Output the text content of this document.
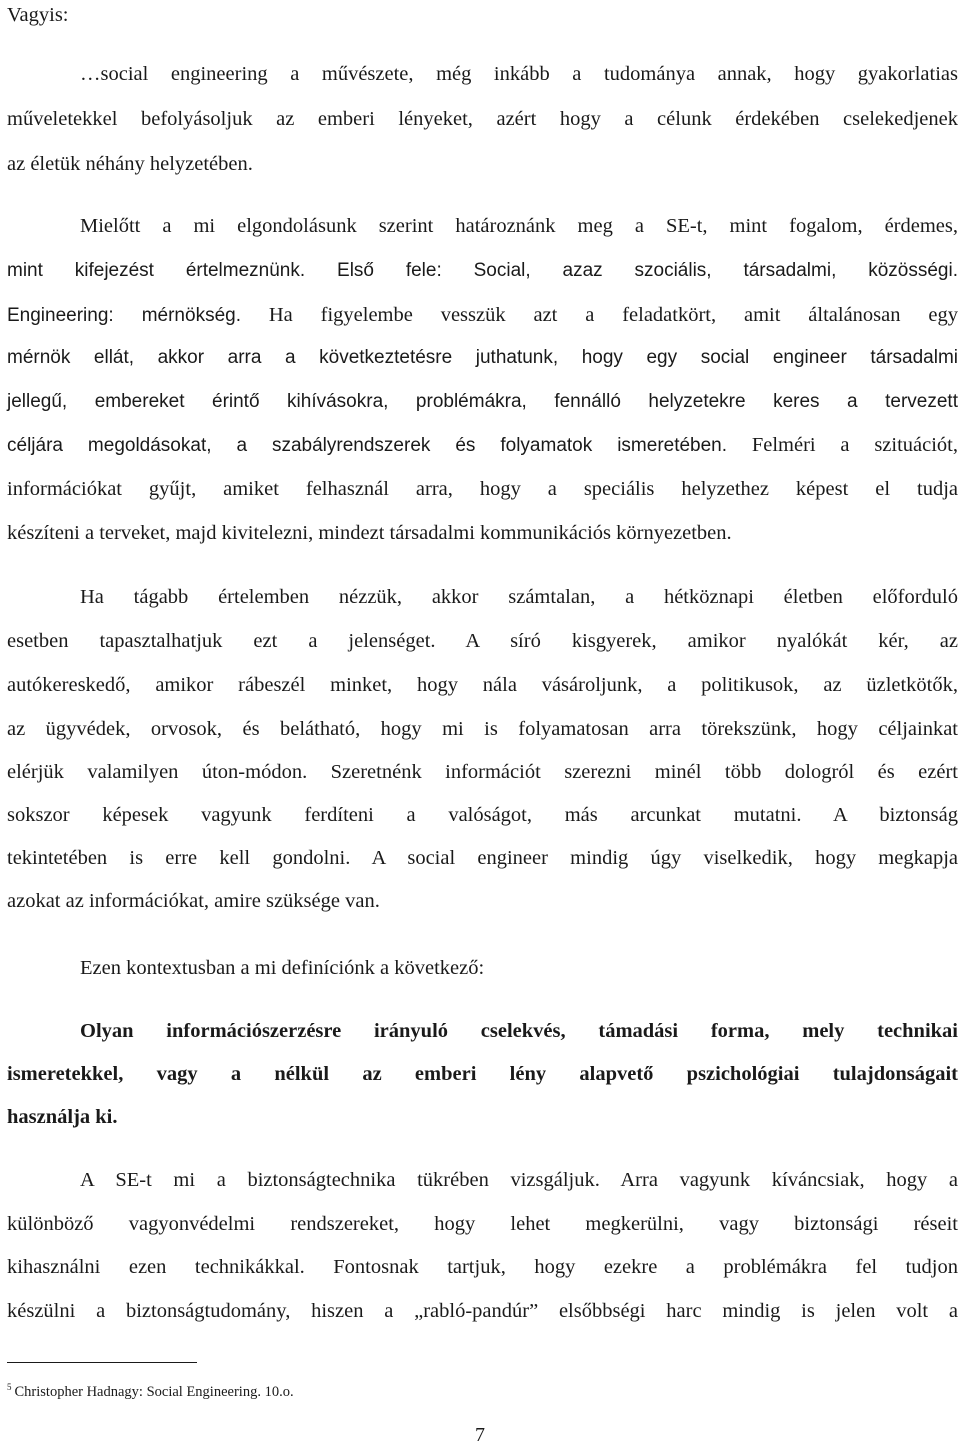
Vagyis:
…social engineering a művészete, még inkább a tudománya annak, hogy gyakorlatias
műveletekkel befolyásoljuk az emberi lényeket, azért hogy a célunk érdekében cselekedjenek
az életük néhány helyzetében.
Mielőtt a mi elgondolásunk szerint határoznánk meg a SE-t, mint fogalom, érdemes,
mint kifejezést értelmeznünk. Első fele: Social, azaz szociális, társadalmi, közösségi.
Engineering: mérnökség. Ha figyelembe vesszük azt a feladatkört, amit általánosan egy
mérnök ellát, akkor arra a következtetésre juthatunk, hogy egy social engineer társadalmi
jellegű, embereket érintő kihívásokra, problémákra, fennálló helyzetekre keres a tervezett
céljára megoldásokat, a szabályrendszerek és folyamatok ismeretében. Felméri a szituációt,
információkat gyűjt, amiket felhasznál arra, hogy a speciális helyzethez képest el tudja
készíteni a terveket, majd kivitelezni, mindezt társadalmi kommunikációs környezetben.
Ha tágabb értelemben nézzük, akkor számtalan, a hétköznapi életben előforduló
esetben tapasztalhatjuk ezt a jelenséget. A síró kisgyerek, amikor nyalókát kér, az
autókereskedő, amikor rábeszél minket, hogy nála vásároljunk, a politikusok, az üzletkötők,
az ügyvédek, orvosok, és belátható, hogy mi is folyamatosan arra törekszünk, hogy céljainkat
elérjük valamilyen úton-módon. Szeretnénk információt szerezni minél több dologról és ezért
sokszor képesek vagyunk ferdíteni a valóságot, más arcunkat mutatni. A biztonság
tekintetében is erre kell gondolni. A social engineer mindig úgy viselkedik, hogy megkapja
azokat az információkat, amire szüksége van.
Ezen kontextusban a mi definíciónk a következő:
Olyan információszerzésre irányuló cselekvés, támadási forma, mely technikai
ismeretekkel, vagy a nélkül az emberi lény alapvető pszichológiai tulajdonságait
használja ki.
A SE-t mi a biztonságtechnika tükrében vizsgáljuk. Arra vagyunk kíváncsiak, hogy a
különböző vagyonvédelmi rendszereket, hogy lehet megkerülni, vagy biztonsági réseit
kihasználni ezen technikákkal. Fontosnak tartjuk, hogy ezekre a problémákra fel tudjon
készülni a biztonságtudomány, hiszen a „rabló-pandúr” elsőbbségi harc mindig is jelen volt a
$^5$ Christopher Hadnagy: Social Engineering. 10.o.
7
